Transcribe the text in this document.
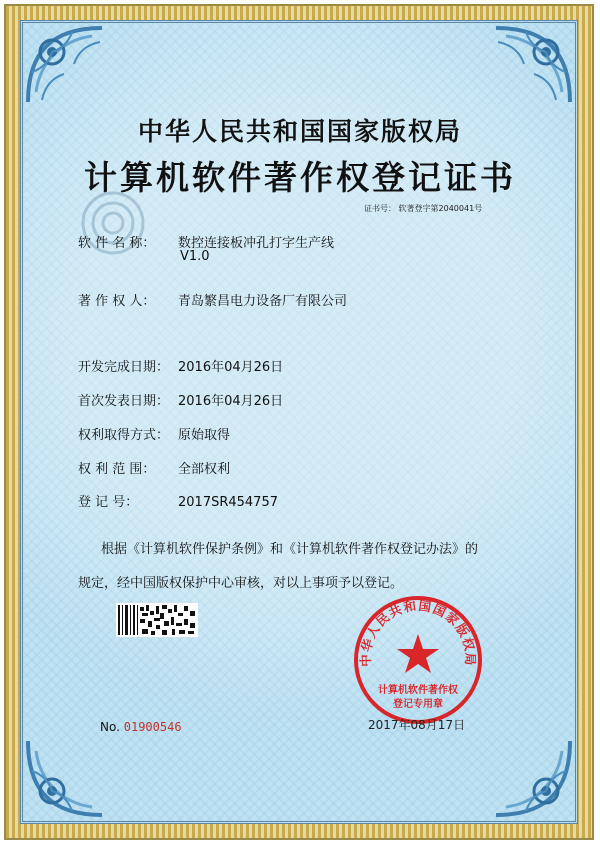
中华人民共和国国家版权局
计算机软件著作权登记证书
证书号： 软著登字第2040041号
软 件 名 称： 数控连接板冲孔打字生产线
V1.0
著 作 权 人： 青岛繁昌电力设备厂有限公司
开发完成日期： 2016年04月26日
首次发表日期： 2016年04月26日
权利取得方式： 原始取得
权 利 范 围： 全部权利
登 记 号：	2017SR454757
根据《计算机软件保护条例》和《计算机软件著作权登记办法》的
规定，经中国版权保护中心审核，对以上事项予以登记。
中华人民共和国国家版权局
计算机软件著作权
登记专用章
No. 01900546	2017年08月17日
